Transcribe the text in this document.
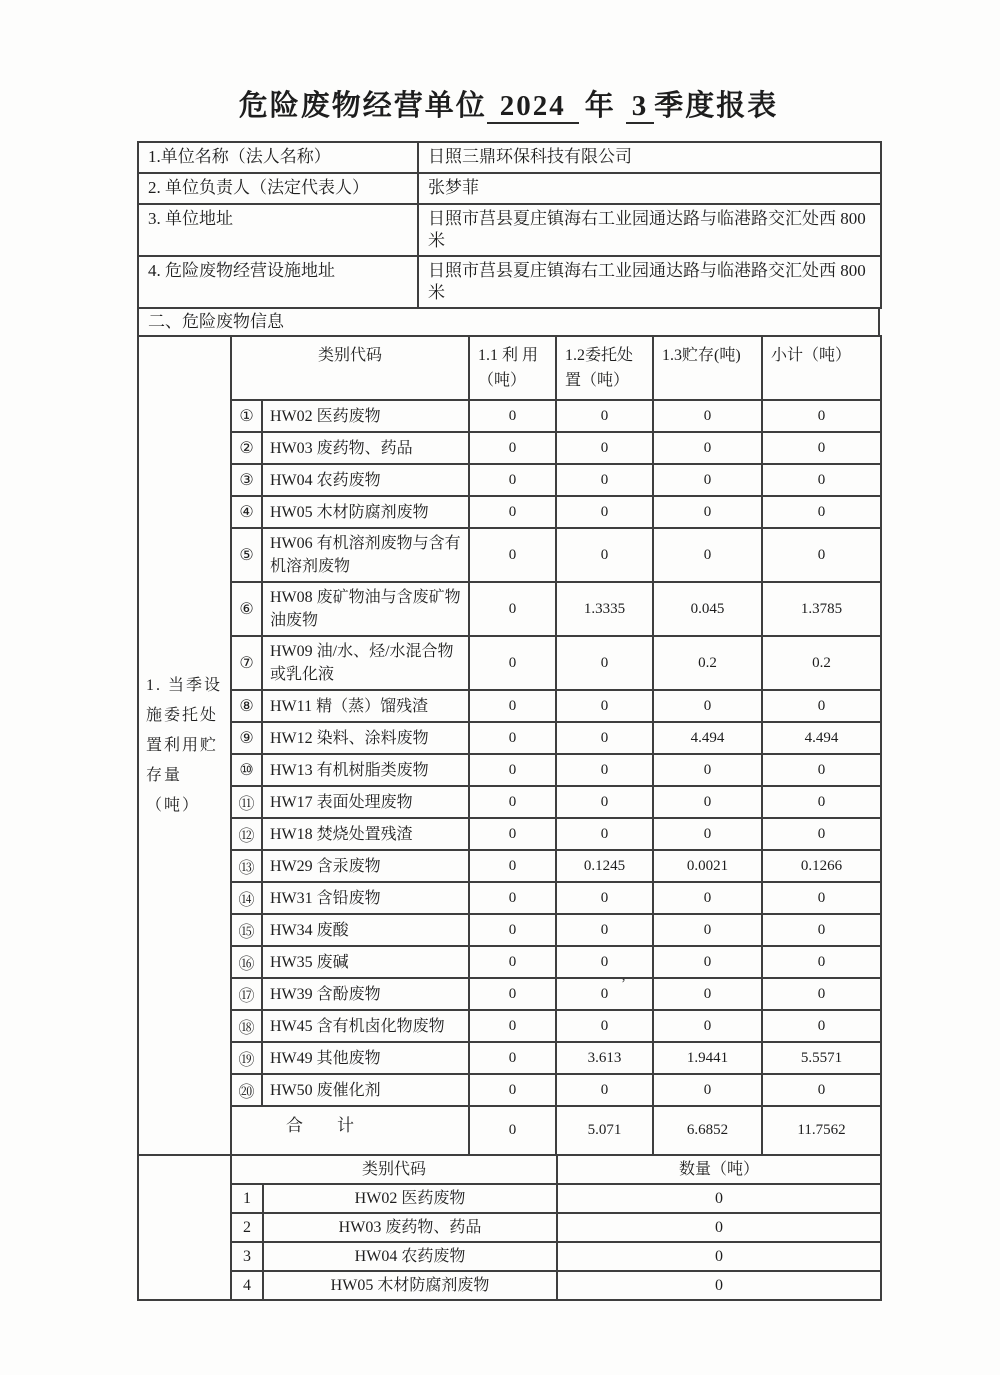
危险废物经营单位 2024 年 3 季度报表
1.单位名称（法人名称）	日照三鼎环保科技有限公司
2. 单位负责人（法定代表人）	张梦菲
3. 单位地址	日照市莒县夏庄镇海右工业园通达路与临港路交汇处西 800 米
4. 危险废物经营设施地址	日照市莒县夏庄镇海右工业园通达路与临港路交汇处西 800 米
二、危险废物信息
1. 当季设施委托处置利用贮存量（吨）	类别代码		1.1 利 用（吨）	1.2委托处置（吨）	1.3贮存(吨)	小计（吨）
	①	HW02 医药废物	0	0	0	0
	②	HW03 废药物、药品	0	0	0	0
	③	HW04 农药废物	0	0	0	0
	④	HW05 木材防腐剂废物	0	0	0	0
	⑤	HW06 有机溶剂废物与含有机溶剂废物	0	0	0	0
	⑥	HW08 废矿物油与含废矿物油废物	0	1.3335	0.045	1.3785
	⑦	HW09 油/水、烃/水混合物或乳化液	0	0	0.2	0.2
	⑧	HW11 精（蒸）馏残渣	0	0	0	0
	⑨	HW12 染料、涂料废物	0	0	4.494	4.494
	⑩	HW13 有机树脂类废物	0	0	0	0
	⑪	HW17 表面处理废物	0	0	0	0
	⑫	HW18 焚烧处置残渣	0	0	0	0
	⑬	HW29 含汞废物	0	0.1245	0.0021	0.1266
	⑭	HW31 含铅废物	0	0	0	0
	⑮	HW34 废酸	0	0	0	0
	⑯	HW35 废碱	0	0	0	0
	⑰	HW39 含酚废物	0	0	0	0
	⑱	HW45 含有机卤化物废物	0	0	0	0
	⑲	HW49 其他废物	0	3.613	1.9441	5.5571
	⑳	HW50 废催化剂	0	0	0	0
	合　　计		0	5.071	6.6852	11.7562
	类别代码		数量（吨）
	1	HW02 医药废物	0
	2	HW03 废药物、药品	0
	3	HW04 农药废物	0
	4	HW05 木材防腐剂废物	0
’
